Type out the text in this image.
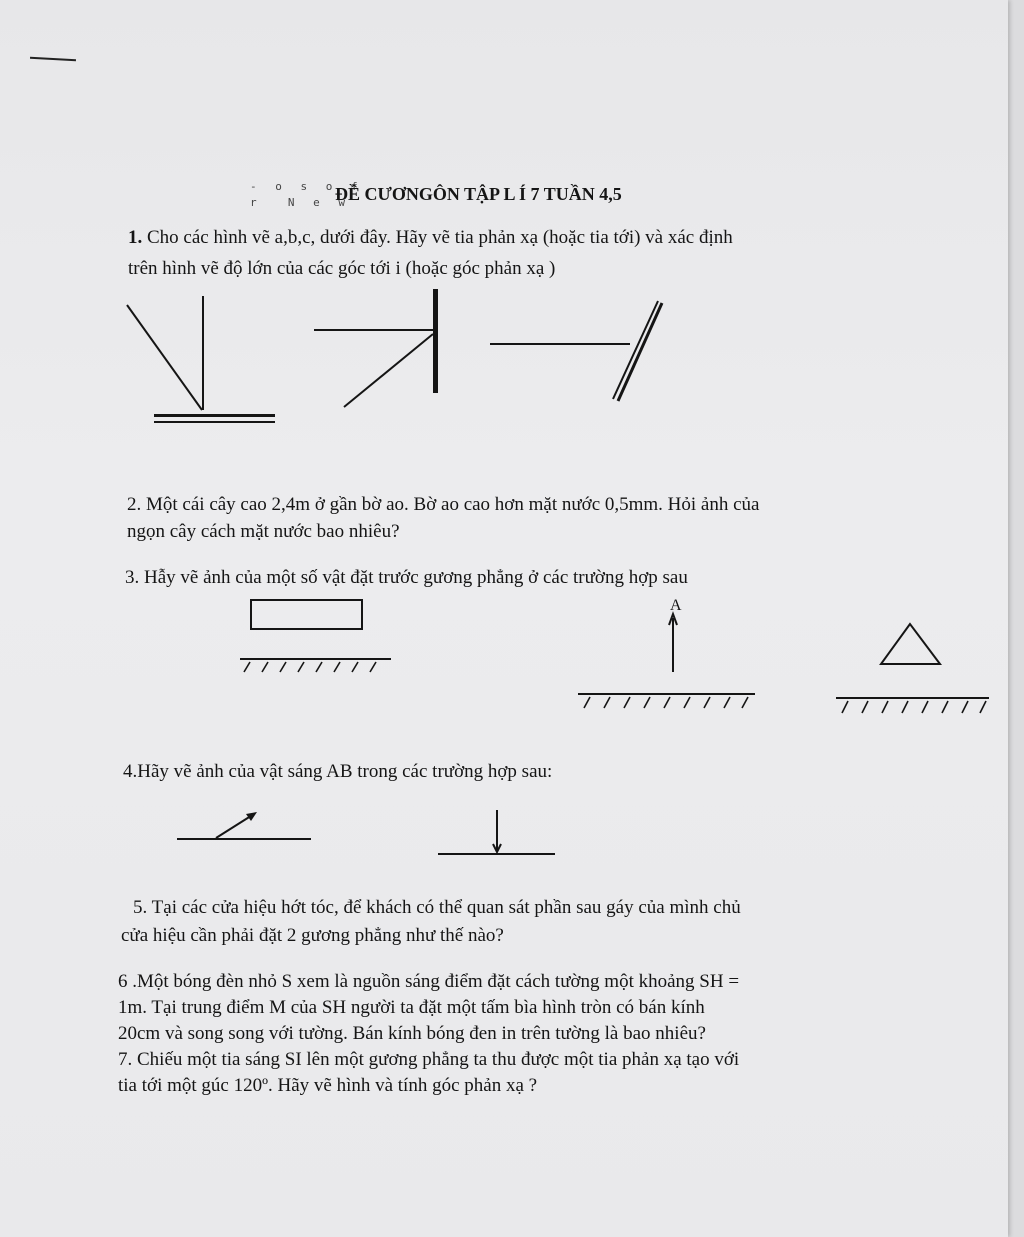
- o s o f
r  N e w
ĐỀ CƯƠNGÔN TẬP L Í 7 TUẦN 4,5
1. Cho các hình vẽ a,b,c, dưới đây. Hãy vẽ tia phản xạ (hoặc tia tới) và xác định
trên hình vẽ độ lớn của các góc tới i (hoặc góc phản xạ )
2. Một cái cây cao 2,4m ở gần bờ ao. Bờ ao cao hơn mặt nước 0,5mm. Hỏi ảnh của
ngọn cây cách mặt nước bao nhiêu?
3. Hẫy vẽ ảnh của một số vật đặt trước gương phẳng ở các trường hợp sau
4.Hãy vẽ ảnh của vật sáng AB trong các trường hợp sau:
5. Tại các cửa hiệu hớt tóc, để khách có thể quan sát phần sau gáy của mình chủ
cửa hiệu cần phải đặt 2 gương phẳng như thế nào?
6 .Một bóng đèn nhỏ S xem là nguồn sáng điểm đặt cách tường một khoảng SH =
1m. Tại trung điểm M của SH người ta đặt một tấm bìa hình tròn có bán kính
20cm và song song với tường. Bán kính bóng đen in trên tường là bao nhiêu?
7. Chiếu một tia sáng SI lên một gương phẳng ta thu được một tia phản xạ tạo với
tia tới một gúc 120º. Hãy vẽ hình và tính góc phản xạ ?
A
